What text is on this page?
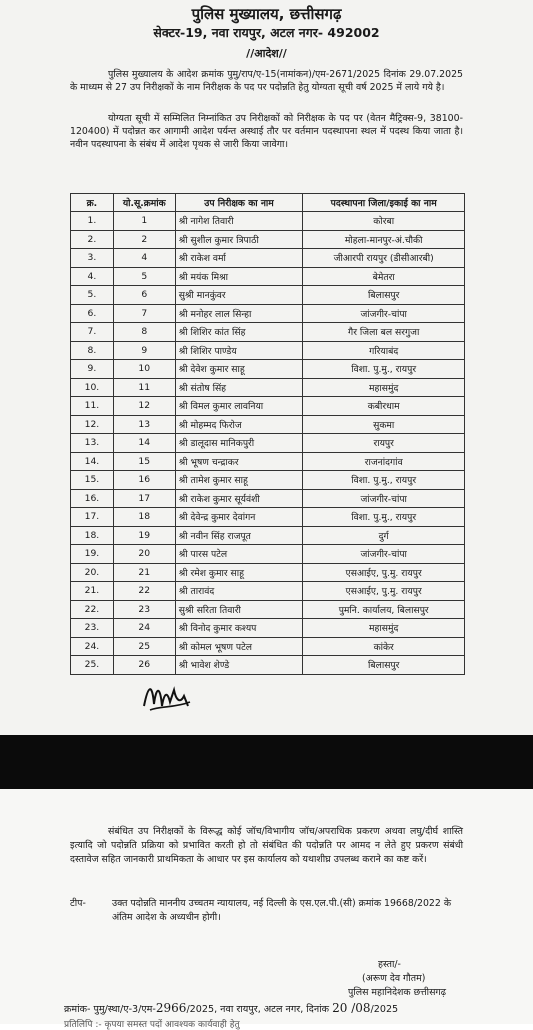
पुलिस मुख्यालय, छत्तीसगढ़
सेक्टर-19, नवा रायपुर, अटल नगर- 492002
//आदेश//
पुलिस मुख्यालय के आदेश क्रमांक पुमु/राप/ए-15(नामांकन)/एम-2671/2025 दिनांक 29.07.2025 के माध्यम से 27 उप निरीक्षकों के नाम निरीक्षक के पद पर पदोन्नति हेतु योग्यता सूची वर्ष 2025 में लाये गये है।
योग्यता सूची में सम्मिलित निम्नांकित उप निरीक्षकों को निरीक्षक के पद पर (वेतन मैट्रिक्स-9, 38100-120400) में पदोन्नत कर आगामी आदेश पर्यन्त अस्थाई तौर पर वर्तमान पदस्थापना स्थल में पदस्थ किया जाता है। नवीन पदस्थापना के संबंध में आदेश पृथक से जारी किया जावेगा।
क्र.	यो.सू.क्रमांक	उप निरीक्षक का नाम	पदस्थापना जिला/इकाई का नाम
1.	1	श्री नागेश तिवारी	कोरबा
2.	2	श्री सुशील कुमार त्रिपाठी	मोहला-मानपुर-अं.चौकी
3.	4	श्री राकेश वर्मा	जीआरपी रायपुर (डीसीआरबी)
4.	5	श्री मयंक मिश्रा	बेमेतरा
5.	6	सुश्री मानकुंवर	बिलासपुर
6.	7	श्री मनोहर लाल सिन्हा	जांजगीर-चांपा
7.	8	श्री शिशिर कांत सिंह	गैर जिला बल सरगुजा
8.	9	श्री शिशिर पाण्डेय	गरियाबंद
9.	10	श्री देवेश कुमार साहू	विशा. पु.मु., रायपुर
10.	11	श्री संतोष सिंह	महासमुंद
11.	12	श्री विमल कुमार लावनिया	कबीरधाम
12.	13	श्री मोहम्मद फिरोज	सुकमा
13.	14	श्री डालूदास मानिकपुरी	रायपुर
14.	15	श्री भूषण चन्द्राकर	राजनांदगांव
15.	16	श्री तामेश कुमार साहू	विशा. पु.मु., रायपुर
16.	17	श्री राकेश कुमार सूर्यवंशी	जांजगीर-चांपा
17.	18	श्री देवेन्द्र कुमार देवांगन	विशा. पु.मु., रायपुर
18.	19	श्री नवीन सिंह राजपूत	दुर्ग
19.	20	श्री पारस पटेल	जांजगीर-चांपा
20.	21	श्री रमेश कुमार साहू	एसआईए, पु.मु. रायपुर
21.	22	श्री तारावंद	एसआईए, पु.मु. रायपुर
22.	23	सुश्री सरिता तिवारी	पुमनि. कार्यालय, बिलासपुर
23.	24	श्री विनोद कुमार कश्यप	महासमुंद
24.	25	श्री कोमल भूषण पटेल	कांकेर
25.	26	श्री भावेश शेण्डे	बिलासपुर
संबंधित उप निरीक्षकों के विरूद्ध कोई जॉच/विभागीय जॉच/अपराधिक प्रकरण अथवा लघु/दीर्घ शास्ति इत्यादि जो पदोन्नति प्रक्रिया को प्रभावित करती हो तो संबंधित की पदोन्नति पर आमद न लेते हुए प्रकरण संबंधी दस्तावेज सहित जानकारी प्राथमिकता के आधार पर इस कार्यालय को यथाशीघ्र उपलब्ध कराने का कष्ट करें।
टीप-	उक्त पदोन्नति माननीय उच्चतम न्यायालय, नई दिल्ली के एस.एल.पी.(सी) क्रमांक 19668/2022 के अंतिम आदेश के अध्यधीन होगी।
हस्ता/-
(अरूण देव गौतम)
पुलिस महानिदेशक छत्तीसगढ़
क्रमांक- पुमु/स्था/ए-3/एम-2966/2025, नवा रायपुर, अटल नगर, दिनांक 20 /08/2025
प्रतिलिपि :- कृपया समस्त पदों आवश्यक कार्यवाही हेतु
